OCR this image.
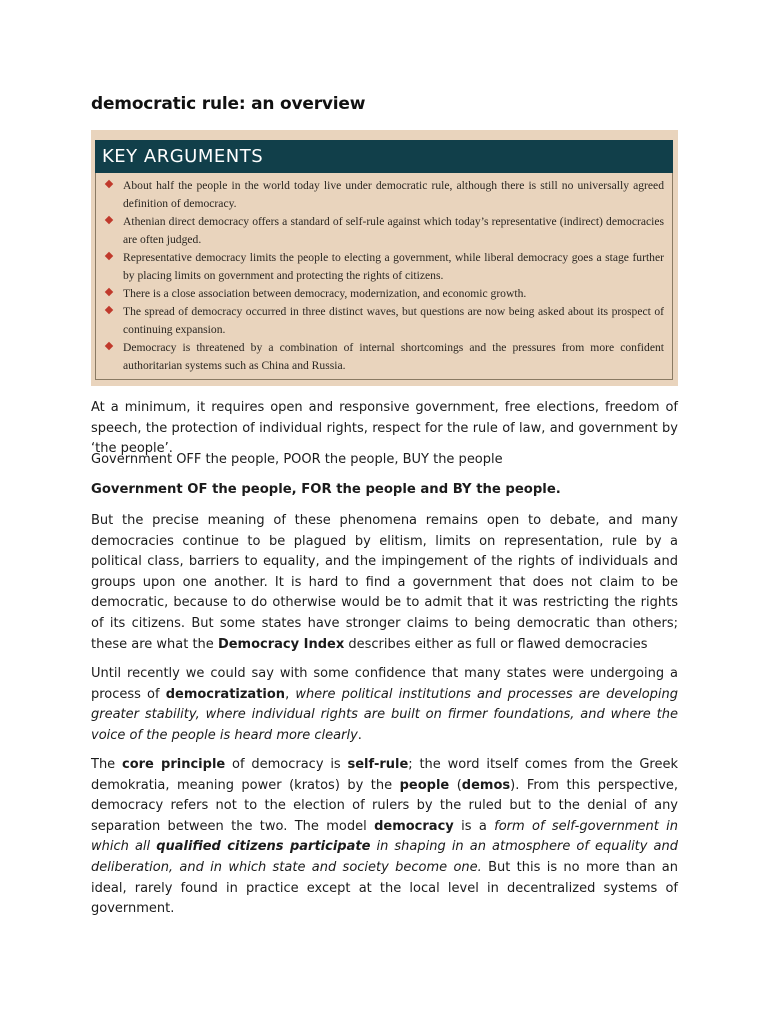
democratic rule: an overview
KEY ARGUMENTS
About half the people in the world today live under democratic rule, although there is still no universally agreed definition of democracy.
Athenian direct democracy offers a standard of self-rule against which today’s representative (indirect) democracies are often judged.
Representative democracy limits the people to electing a government, while liberal democracy goes a stage further by placing limits on government and protecting the rights of citizens.
There is a close association between democracy, modernization, and economic growth.
The spread of democracy occurred in three distinct waves, but questions are now being asked about its prospect of continuing expansion.
Democracy is threatened by a combination of internal shortcomings and the pressures from more confident authoritarian systems such as China and Russia.

At a minimum, it requires open and responsive government, free elections, freedom of speech, the protection of individual rights, respect for the rule of law, and government by ‘the people’.

Government OFF the people, POOR the people, BUY the people

Government OF the people, FOR the people and BY the people.

But the precise meaning of these phenomena remains open to debate, and many democracies continue to be plagued by elitism, limits on representation, rule by a political class, barriers to equality, and the impingement of the rights of individuals and groups upon one another. It is hard to find a government that does not claim to be democratic, because to do otherwise would be to admit that it was restricting the rights of its citizens. But some states have stronger claims to being democratic than others; these are what the Democracy Index describes either as full or flawed democracies

Until recently we could say with some confidence that many states were undergoing a process of democratization, where political institutions and processes are developing greater stability, where individual rights are built on firmer foundations, and where the voice of the people is heard more clearly.

The core principle of democracy is self-rule; the word itself comes from the Greek demokratia, meaning power (kratos) by the people (demos). From this perspective, democracy refers not to the election of rulers by the ruled but to the denial of any separation between the two. The model democracy is a form of self-government in which all qualified citizens participate in shaping in an atmosphere of equality and deliberation, and in which state and society become one. But this is no more than an ideal, rarely found in practice except at the local level in decentralized systems of government.
